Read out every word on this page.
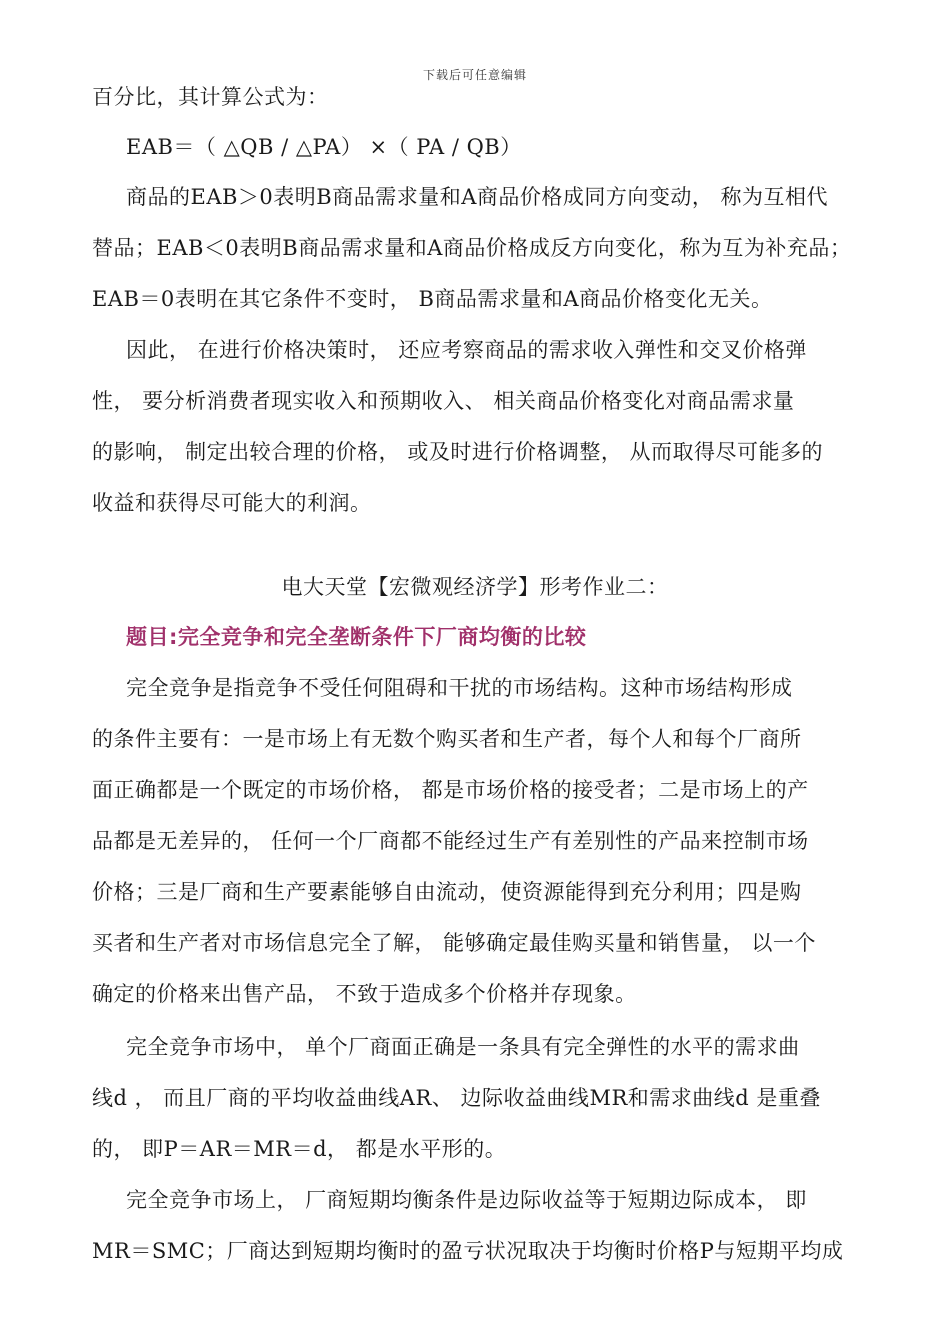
下载后可任意编辑
百分比，其计算公式为：
EAB＝（ △QB / △PA） ×（ PA / QB）
商品的EAB＞0表明B商品需求量和A商品价格成同方向变动， 称为互相代
替品；EAB＜0表明B商品需求量和A商品价格成反方向变化，称为互为补充品；
EAB＝0表明在其它条件不变时， B商品需求量和A商品价格变化无关。
因此， 在进行价格决策时， 还应考察商品的需求收入弹性和交叉价格弹
性， 要分析消费者现实收入和预期收入、 相关商品价格变化对商品需求量
的影响， 制定出较合理的价格， 或及时进行价格调整， 从而取得尽可能多的
收益和获得尽可能大的利润。
电大天堂【宏微观经济学】形考作业二：
题目:完全竞争和完全垄断条件下厂商均衡的比较
完全竞争是指竞争不受任何阻碍和干扰的市场结构。这种市场结构形成
的条件主要有：一是市场上有无数个购买者和生产者，每个人和每个厂商所
面正确都是一个既定的市场价格， 都是市场价格的接受者；二是市场上的产
品都是无差异的， 任何一个厂商都不能经过生产有差别性的产品来控制市场
价格；三是厂商和生产要素能够自由流动，使资源能得到充分利用；四是购
买者和生产者对市场信息完全了解， 能够确定最佳购买量和销售量， 以一个
确定的价格来出售产品， 不致于造成多个价格并存现象。
完全竞争市场中， 单个厂商面正确是一条具有完全弹性的水平的需求曲
线d ， 而且厂商的平均收益曲线AR、 边际收益曲线MR和需求曲线d 是重叠
的， 即P＝AR＝MR＝d， 都是水平形的。
完全竞争市场上， 厂商短期均衡条件是边际收益等于短期边际成本， 即
MR＝SMC；厂商达到短期均衡时的盈亏状况取决于均衡时价格P与短期平均成
